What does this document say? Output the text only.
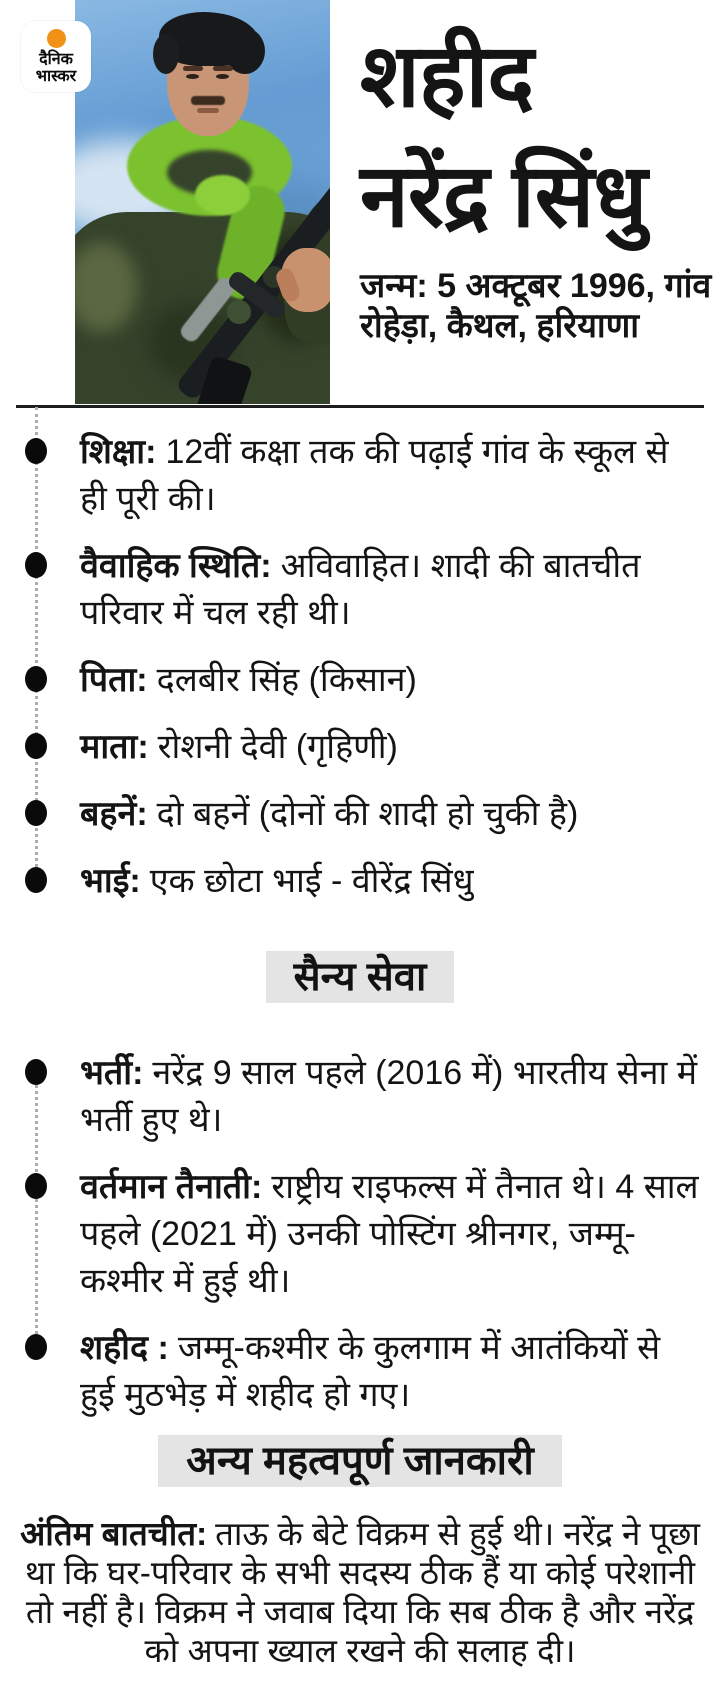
दैनिक
भास्कर	शहीद
नरेंद्र सिंधु
जन्म: 5 अक्टूबर 1996, गांव रोहेड़ा, कैथल, हरियाणा
शिक्षा: 12वीं कक्षा तक की पढ़ाई गांव के स्कूल से ही पूरी की।
वैवाहिक स्थिति: अविवाहित। शादी की बातचीत परिवार में चल रही थी।
पिता: दलबीर सिंह (किसान)
माता: रोशनी देवी (गृहिणी)
बहनें: दो बहनें (दोनों की शादी हो चुकी है)
भाई: एक छोटा भाई - वीरेंद्र सिंधु
सैन्य सेवा
भर्ती: नरेंद्र 9 साल पहले (2016 में) भारतीय सेना में भर्ती हुए थे।
वर्तमान तैनाती: राष्ट्रीय राइफल्स में तैनात थे। 4 साल पहले (2021 में) उनकी पोस्टिंग श्रीनगर, जम्मू-कश्मीर में हुई थी।
शहीद : जम्मू-कश्मीर के कुलगाम में आतंकियों से हुई मुठभेड़ में शहीद हो गए।
अन्य महत्वपूर्ण जानकारी
अंतिम बातचीत: ताऊ के बेटे विक्रम से हुई थी। नरेंद्र ने पूछा था कि घर-परिवार के सभी सदस्य ठीक हैं या कोई परेशानी तो नहीं है। विक्रम ने जवाब दिया कि सब ठीक है और नरेंद्र को अपना ख्याल रखने की सलाह दी।
